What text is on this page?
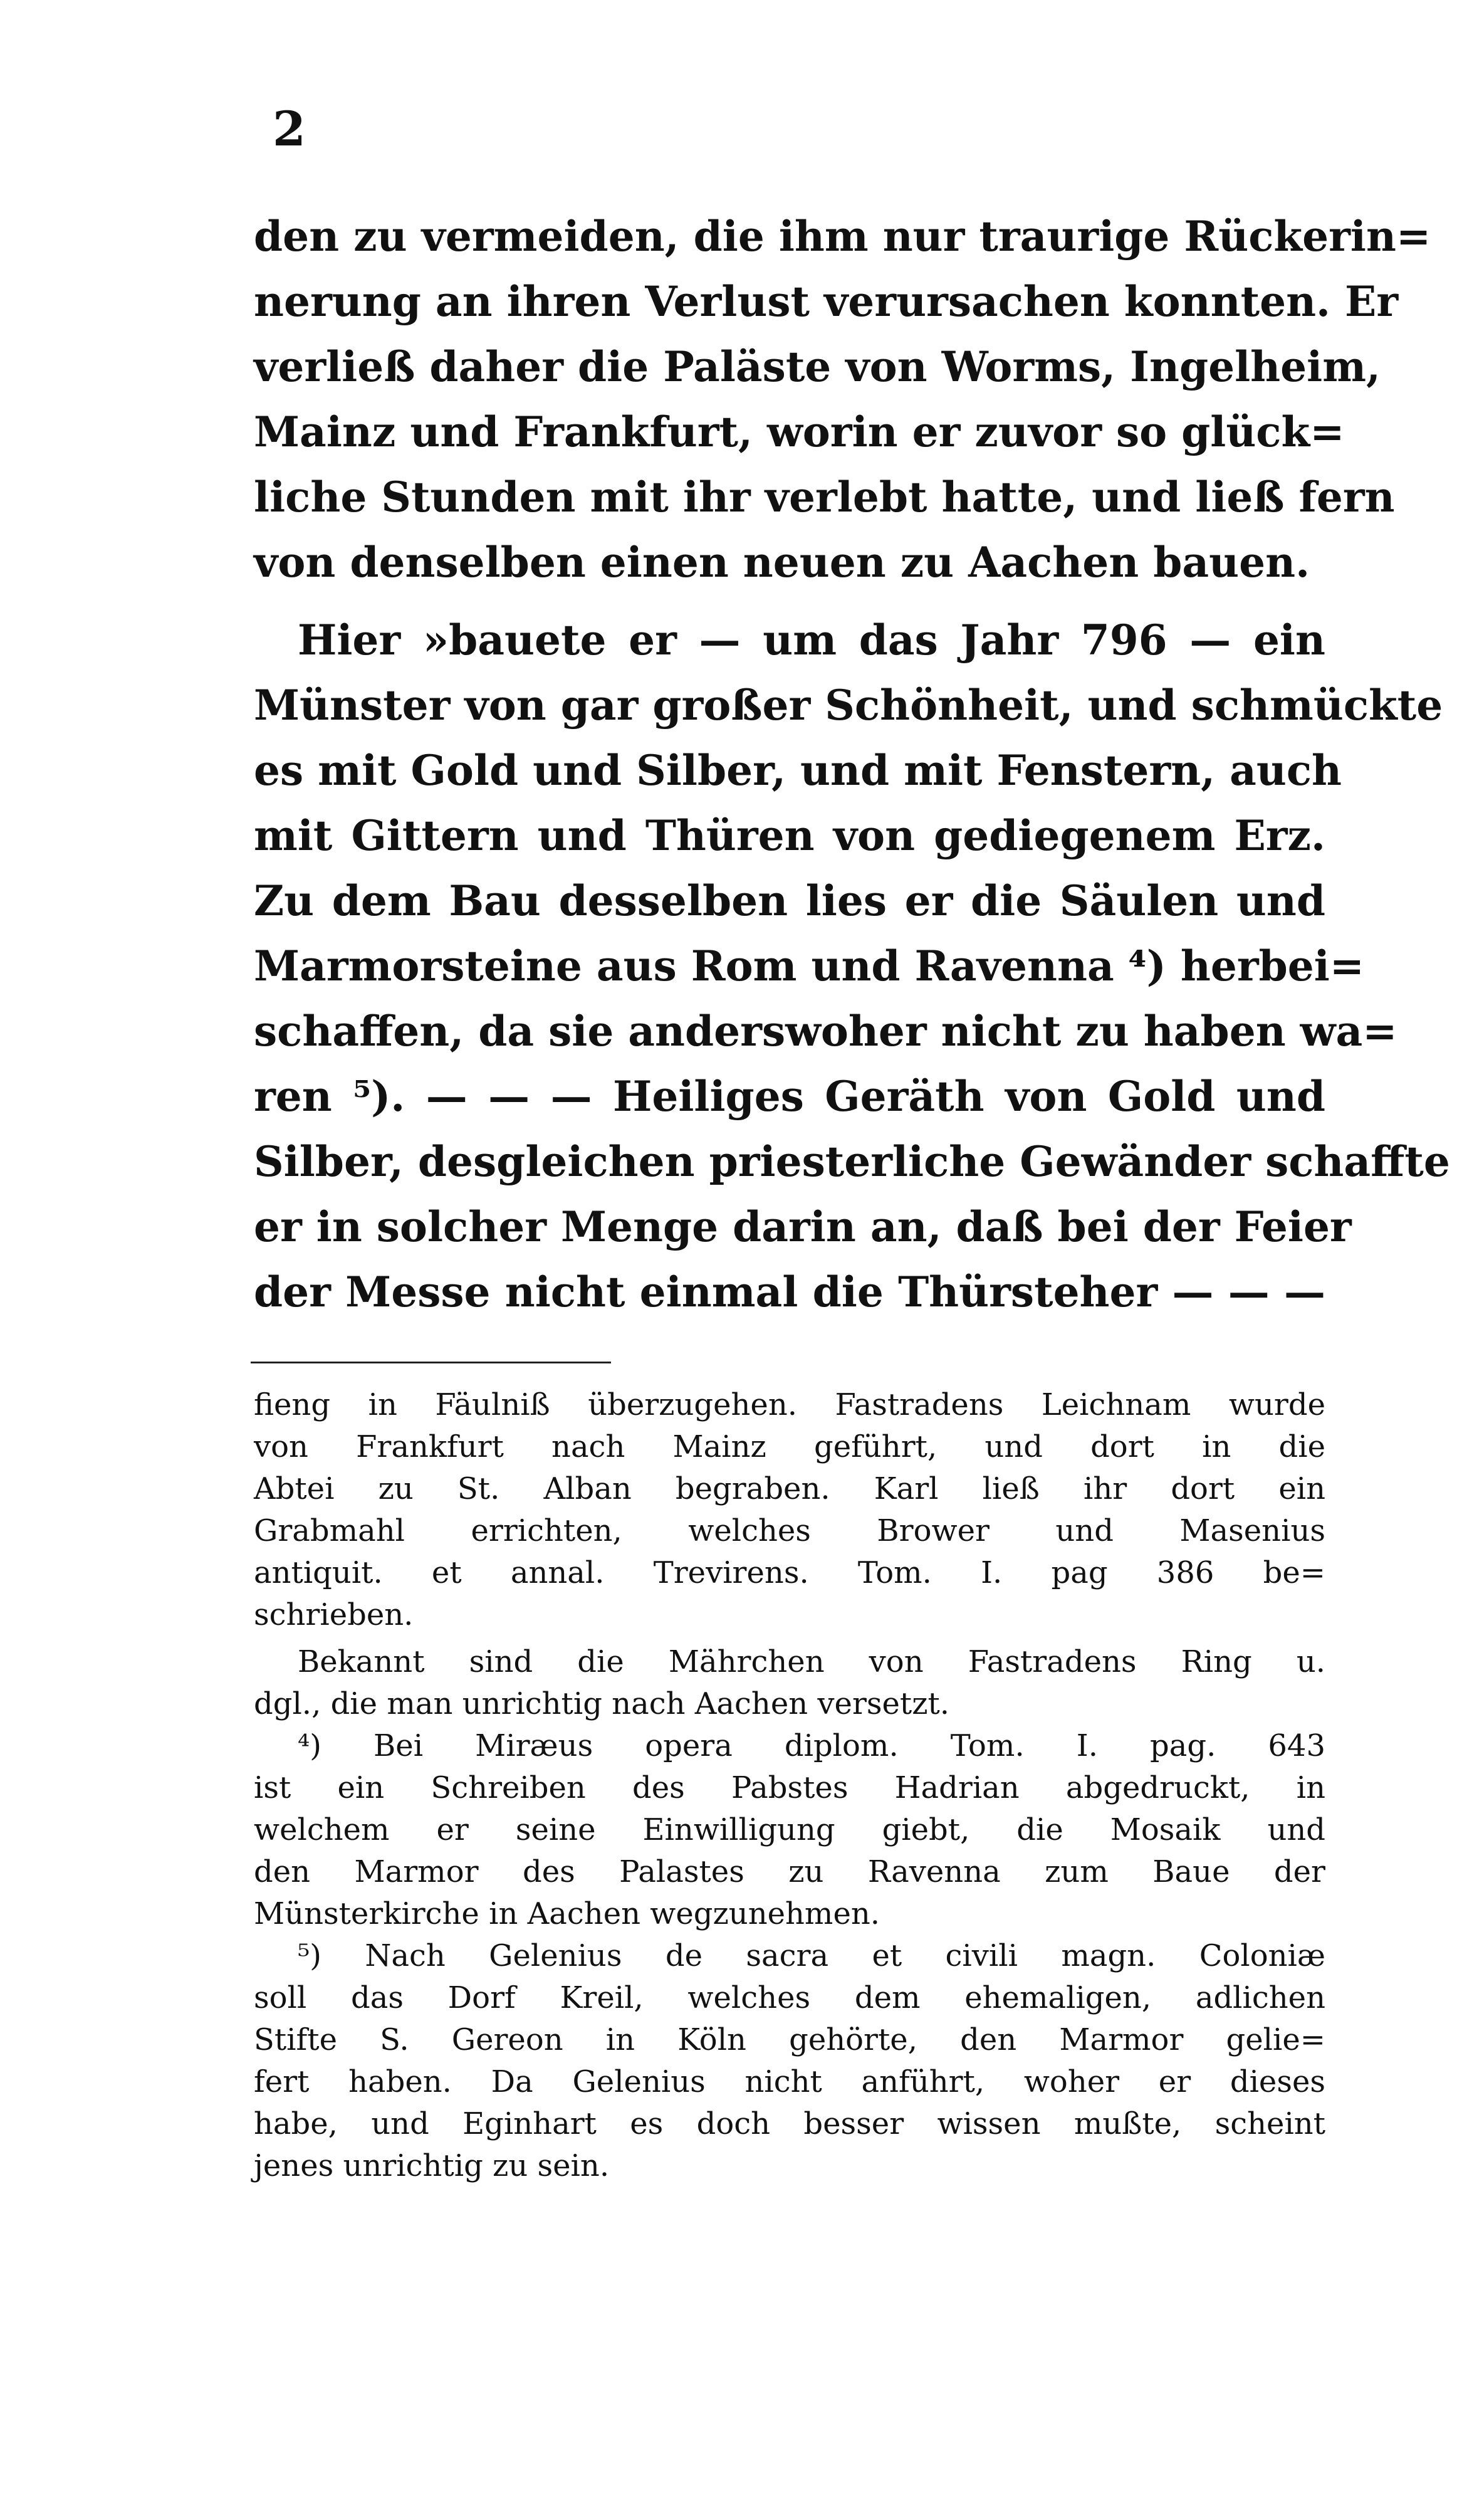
2
den zu vermeiden, die ihm nur traurige Rückerin=
nerung an ihren Verlust verursachen konnten. Er
verließ daher die Paläste von Worms, Ingelheim,
Mainz und Frankfurt, worin er zuvor so glück=
liche Stunden mit ihr verlebt hatte, und ließ fern
von denselben einen neuen zu Aachen bauen.
Hier »bauete er — um das Jahr 796 — ein
Münster von gar großer Schönheit, und schmückte
es mit Gold und Silber, und mit Fenstern, auch
mit Gittern und Thüren von gediegenem Erz.
Zu dem Bau desselben lies er die Säulen und
Marmorsteine aus Rom und Ravenna ⁴) herbei=
schaffen, da sie anderswoher nicht zu haben wa=
ren ⁵). — — — Heiliges Geräth von Gold und
Silber, desgleichen priesterliche Gewänder schaffte
er in solcher Menge darin an, daß bei der Feier
der Messe nicht einmal die Thürsteher — — —
fieng in Fäulniß überzugehen. Fastradens Leichnam wurde
von Frankfurt nach Mainz geführt, und dort in die
Abtei zu St. Alban begraben. Karl ließ ihr dort ein
Grabmahl errichten, welches Brower und Masenius
antiquit. et annal. Trevirens. Tom. I. pag 386 be=
schrieben.
Bekannt sind die Mährchen von Fastradens Ring u.
dgl., die man unrichtig nach Aachen versetzt.
⁴) Bei Miræus opera diplom. Tom. I. pag. 643
ist ein Schreiben des Pabstes Hadrian abgedruckt, in
welchem er seine Einwilligung giebt, die Mosaik und
den Marmor des Palastes zu Ravenna zum Baue der
Münsterkirche in Aachen wegzunehmen.
⁵) Nach Gelenius de sacra et civili magn. Coloniæ
soll das Dorf Kreil, welches dem ehemaligen, adlichen
Stifte S. Gereon in Köln gehörte, den Marmor gelie=
fert haben. Da Gelenius nicht anführt, woher er dieses
habe, und Eginhart es doch besser wissen mußte, scheint
jenes unrichtig zu sein.
